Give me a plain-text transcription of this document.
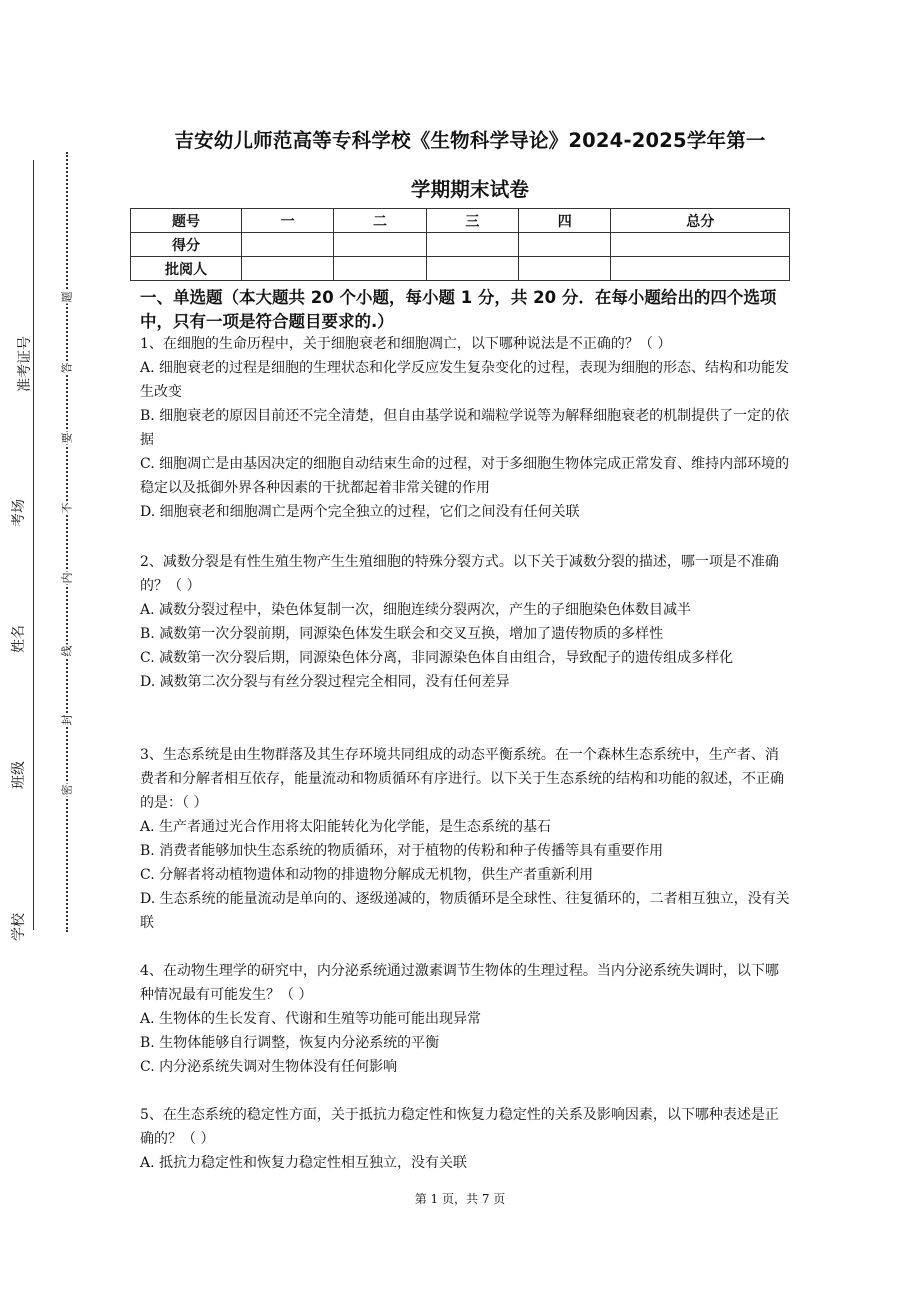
准考证号
考场
姓名
班级
学校
题
答
要
不
内
线
封
密
吉安幼儿师范高等专科学校《生物科学导论》2024-2025学年第一
学期期末试卷
题号	一	二	三	四	总分
得分					
批阅人					
一、单选题（本大题共 20 个小题，每小题 1 分，共 20 分．在每小题给出的四个选项中，只有一项是符合题目要求的.）

1、在细胞的生命历程中，关于细胞衰老和细胞凋亡，以下哪种说法是不正确的？（ ）

A. 细胞衰老的过程是细胞的生理状态和化学反应发生复杂变化的过程，表现为细胞的形态、结构和功能发生改变

B. 细胞衰老的原因目前还不完全清楚，但自由基学说和端粒学说等为解释细胞衰老的机制提供了一定的依据

C. 细胞凋亡是由基因决定的细胞自动结束生命的过程，对于多细胞生物体完成正常发育、维持内部环境的稳定以及抵御外界各种因素的干扰都起着非常关键的作用

D. 细胞衰老和细胞凋亡是两个完全独立的过程，它们之间没有任何关联

2、减数分裂是有性生殖生物产生生殖细胞的特殊分裂方式。以下关于减数分裂的描述，哪一项是不准确的？（ ）

A. 减数分裂过程中，染色体复制一次，细胞连续分裂两次，产生的子细胞染色体数目减半

B. 减数第一次分裂前期，同源染色体发生联会和交叉互换，增加了遗传物质的多样性

C. 减数第一次分裂后期，同源染色体分离，非同源染色体自由组合，导致配子的遗传组成多样化

D. 减数第二次分裂与有丝分裂过程完全相同，没有任何差异

3、生态系统是由生物群落及其生存环境共同组成的动态平衡系统。在一个森林生态系统中，生产者、消费者和分解者相互依存，能量流动和物质循环有序进行。以下关于生态系统的结构和功能的叙述，不正确的是：（ ）

A. 生产者通过光合作用将太阳能转化为化学能，是生态系统的基石

B. 消费者能够加快生态系统的物质循环，对于植物的传粉和种子传播等具有重要作用

C. 分解者将动植物遗体和动物的排遗物分解成无机物，供生产者重新利用

D. 生态系统的能量流动是单向的、逐级递减的，物质循环是全球性、往复循环的，二者相互独立，没有关联

4、在动物生理学的研究中，内分泌系统通过激素调节生物体的生理过程。当内分泌系统失调时，以下哪种情况最有可能发生？（ ）

A. 生物体的生长发育、代谢和生殖等功能可能出现异常

B. 生物体能够自行调整，恢复内分泌系统的平衡

C. 内分泌系统失调对生物体没有任何影响

5、在生态系统的稳定性方面，关于抵抗力稳定性和恢复力稳定性的关系及影响因素，以下哪种表述是正确的？（ ）

A. 抵抗力稳定性和恢复力稳定性相互独立，没有关联

第 1 页，共 7 页
